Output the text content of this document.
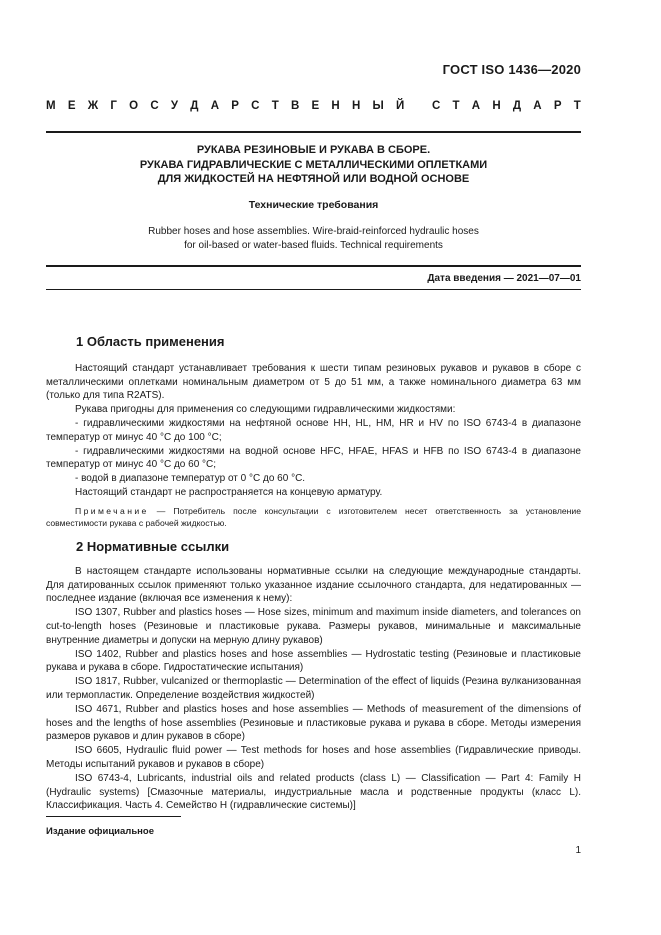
ГОСТ ISO 1436—2020
М Е Ж Г О С У Д А Р С Т В Е Н Н Ы Й
С Т А Н Д А Р Т
РУКАВА РЕЗИНОВЫЕ И РУКАВА В СБОРЕ.
РУКАВА ГИДРАВЛИЧЕСКИЕ С МЕТАЛЛИЧЕСКИМИ ОПЛЕТКАМИ
ДЛЯ ЖИДКОСТЕЙ НА НЕФТЯНОЙ ИЛИ ВОДНОЙ ОСНОВЕ
Технические требования
Rubber hoses and hose assemblies. Wire-braid-reinforced hydraulic hoses
for oil-based or water-based fluids. Technical requirements
Дата введения — 2021—07—01
1 Область применения

Настоящий стандарт устанавливает требования к шести типам резиновых рукавов и рукавов в сборе с металлическими оплетками номинальным диаметром от 5 до 51 мм, а также номинального диаметра 63 мм (только для типа R2ATS).

Рукава пригодны для применения со следующими гидравлическими жидкостями:

- гидравлическими жидкостями на нефтяной основе HH, HL, HM, HR и HV по ISO 6743-4 в диапазоне температур от минус 40 °C до 100 °C;

- гидравлическими жидкостями на водной основе HFC, HFAE, HFAS и HFB по ISO 6743-4 в диапазоне температур от минус 40 °C до 60 °C;

- водой в диапазоне температур от 0 °C до 60 °C.

Настоящий стандарт не распространяется на концевую арматуру.

Примечание — Потребитель после консультации с изготовителем несет ответственность за установление совместимости рукава с рабочей жидкостью.

2 Нормативные ссылки

В настоящем стандарте использованы нормативные ссылки на следующие международные стандарты. Для датированных ссылок применяют только указанное издание ссылочного стандарта, для недатированных — последнее издание (включая все изменения к нему):

ISO 1307, Rubber and plastics hoses — Hose sizes, minimum and maximum inside diameters, and tolerances on cut-to-length hoses (Резиновые и пластиковые рукава. Размеры рукавов, минимальные и максимальные внутренние диаметры и допуски на мерную длину рукавов)

ISO 1402, Rubber and plastics hoses and hose assemblies — Hydrostatic testing (Резиновые и пластиковые рукава и рукава в сборе. Гидростатические испытания)

ISO 1817, Rubber, vulcanized or thermoplastic — Determination of the effect of liquids (Резина вулканизованная или термопластик. Определение воздействия жидкостей)

ISO 4671, Rubber and plastics hoses and hose assemblies — Methods of measurement of the dimensions of hoses and the lengths of hose assemblies (Резиновые и пластиковые рукава и рукава в сборе. Методы измерения размеров рукавов и длин рукавов в сборе)

ISO 6605, Hydraulic fluid power — Test methods for hoses and hose assemblies (Гидравлические приводы. Методы испытаний рукавов и рукавов в сборе)

ISO 6743-4, Lubricants, industrial oils and related products (class L) — Classification — Part 4: Family H (Hydraulic systems) [Смазочные материалы, индустриальные масла и родственные продукты (класс L). Классификация. Часть 4. Семейство H (гидравлические системы)]

Издание официальное
1
